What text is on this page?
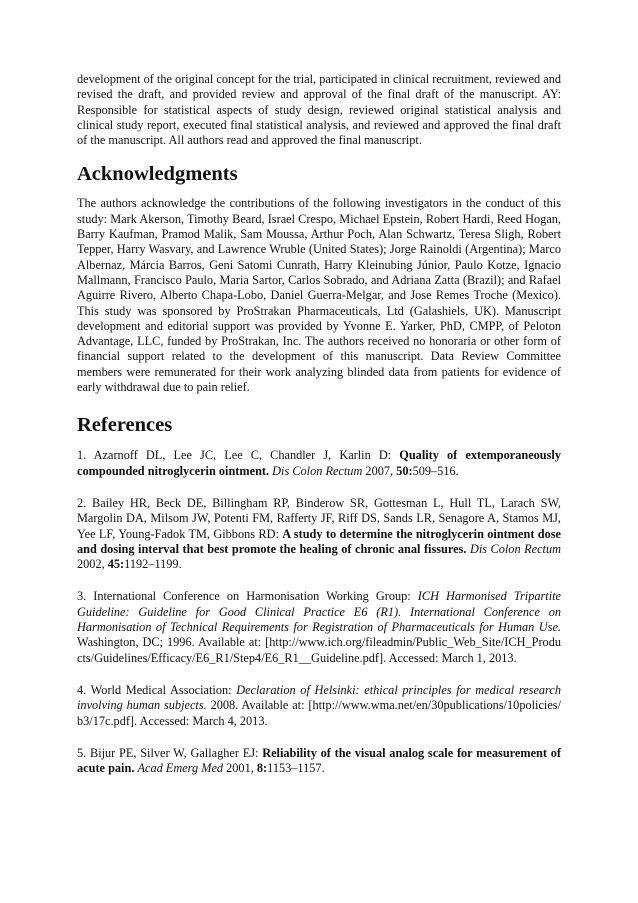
development of the original concept for the trial, participated in clinical recruitment, reviewed and revised the draft, and provided review and approval of the final draft of the manuscript. AY: Responsible for statistical aspects of study design, reviewed original statistical analysis and clinical study report, executed final statistical analysis, and reviewed and approved the final draft of the manuscript. All authors read and approved the final manuscript.

Acknowledgments

The authors acknowledge the contributions of the following investigators in the conduct of this study: Mark Akerson, Timothy Beard, Israel Crespo, Michael Epstein, Robert Hardi, Reed Hogan, Barry Kaufman, Pramod Malik, Sam Moussa, Arthur Poch, Alan Schwartz, Teresa Sligh, Robert Tepper, Harry Wasvary, and Lawrence Wruble (United States); Jorge Rainoldi (Argentina); Marco Albernaz, Márcia Barros, Geni Satomi Cunrath, Harry Kleinubing Júnior, Paulo Kotze, Ignacio Mallmann, Francisco Paulo, Maria Sartor, Carlos Sobrado, and Adriana Zatta (Brazil); and Rafael Aguirre Rivero, Alberto Chapa-Lobo, Daniel Guerra-Melgar, and Jose Remes Troche (Mexico). This study was sponsored by ProStrakan Pharmaceuticals, Ltd (Galashiels, UK). Manuscript development and editorial support was provided by Yvonne E. Yarker, PhD, CMPP, of Peloton Advantage, LLC, funded by ProStrakan, Inc. The authors received no honoraria or other form of financial support related to the development of this manuscript. Data Review Committee members were remunerated for their work analyzing blinded data from patients for evidence of early withdrawal due to pain relief.

References

1. Azarnoff DL, Lee JC, Lee C, Chandler J, Karlin D: Quality of extemporaneously compounded nitroglycerin ointment. Dis Colon Rectum 2007, 50:509–516.

2. Bailey HR, Beck DE, Billingham RP, Binderow SR, Gottesman L, Hull TL, Larach SW, Margolin DA, Milsom JW, Potenti FM, Rafferty JF, Riff DS, Sands LR, Senagore A, Stamos MJ, Yee LF, Young-Fadok TM, Gibbons RD: A study to determine the nitroglycerin ointment dose and dosing interval that best promote the healing of chronic anal fissures. Dis Colon Rectum 2002, 45:1192–1199.

3. International Conference on Harmonisation Working Group: ICH Harmonised Tripartite Guideline: Guideline for Good Clinical Practice E6 (R1). International Conference on Harmonisation of Technical Requirements for Registration of Pharmaceuticals for Human Use. Washington, DC; 1996. Available at: [http://www.ich.org/fileadmin/Public_Web_Site/ICH_Products/Guidelines/Efficacy/E6_R1/Step4/E6_R1__Guideline.pdf]. Accessed: March 1, 2013.

4. World Medical Association: Declaration of Helsinki: ethical principles for medical research involving human subjects. 2008. Available at: [http://www.wma.net/en/30publications/10policies/b3/17c.pdf]. Accessed: March 4, 2013.

5. Bijur PE, Silver W, Gallagher EJ: Reliability of the visual analog scale for measurement of acute pain. Acad Emerg Med 2001, 8:1153–1157.
